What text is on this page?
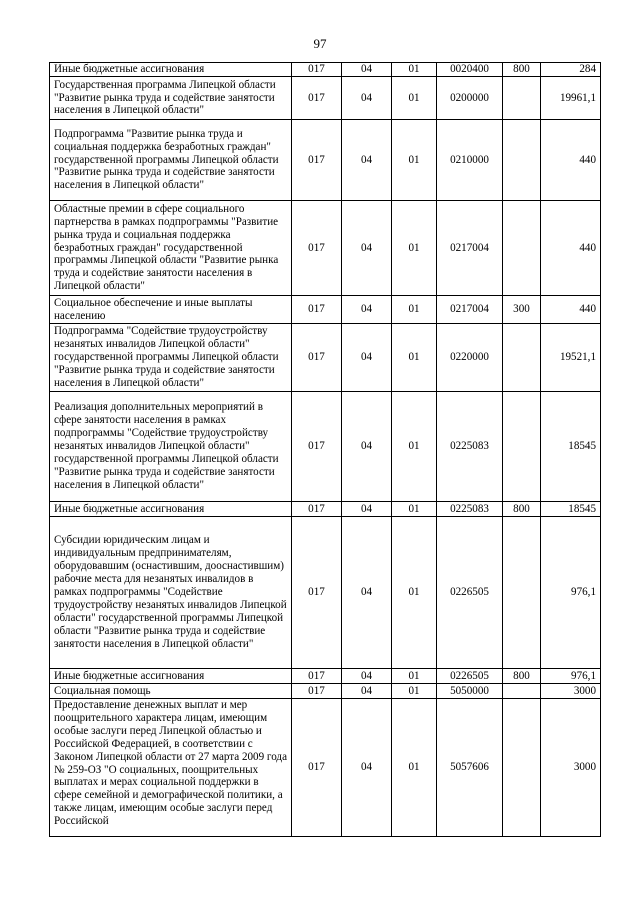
97
Иные бюджетные ассигнования	017	04	01	0020400	800	284
Государственная программа Липецкой области "Развитие рынка труда и содействие занятости населения в Липецкой области"	017	04	01	0200000		19961,1
Подпрограмма "Развитие рынка труда и социальная поддержка безработных граждан" государственной программы Липецкой области "Развитие рынка труда и содействие занятости населения в Липецкой области"	017	04	01	0210000		440
Областные премии в сфере социального партнерства в рамках подпрограммы "Развитие рынка труда и социальная поддержка безработных граждан" государственной программы Липецкой области "Развитие рынка труда и содействие занятости населения в Липецкой области"	017	04	01	0217004		440
Социальное обеспечение и иные выплаты населению	017	04	01	0217004	300	440
Подпрограмма "Содействие трудоустройству незанятых инвалидов Липецкой области" государственной программы Липецкой области "Развитие рынка труда и содействие занятости населения в Липецкой области"	017	04	01	0220000		19521,1
Реализация дополнительных мероприятий в сфере занятости населения в рамках подпрограммы "Содействие трудоустройству незанятых инвалидов Липецкой области" государственной программы Липецкой области "Развитие рынка труда и содействие занятости населения в Липецкой области"	017	04	01	0225083		18545
Иные бюджетные ассигнования	017	04	01	0225083	800	18545
Субсидии юридическим лицам и индивидуальным предпринимателям, оборудовавшим (оснастившим, дооснастившим) рабочие места для незанятых инвалидов в рамках подпрограммы "Содействие трудоустройству незанятых инвалидов Липецкой области" государственной программы Липецкой области "Развитие рынка труда и содействие занятости населения в Липецкой области"	017	04	01	0226505		976,1
Иные бюджетные ассигнования	017	04	01	0226505	800	976,1
Социальная помощь	017	04	01	5050000		3000
Предоставление денежных выплат и мер поощрительного характера лицам, имеющим особые заслуги перед Липецкой областью и Российской Федерацией, в соответствии с Законом Липецкой области от 27 марта 2009 года № 259-ОЗ "О социальных, поощрительных выплатах и мерах социальной поддержки в сфере семейной и демографической политики, а также лицам, имеющим особые заслуги перед Российской	017	04	01	5057606		3000
